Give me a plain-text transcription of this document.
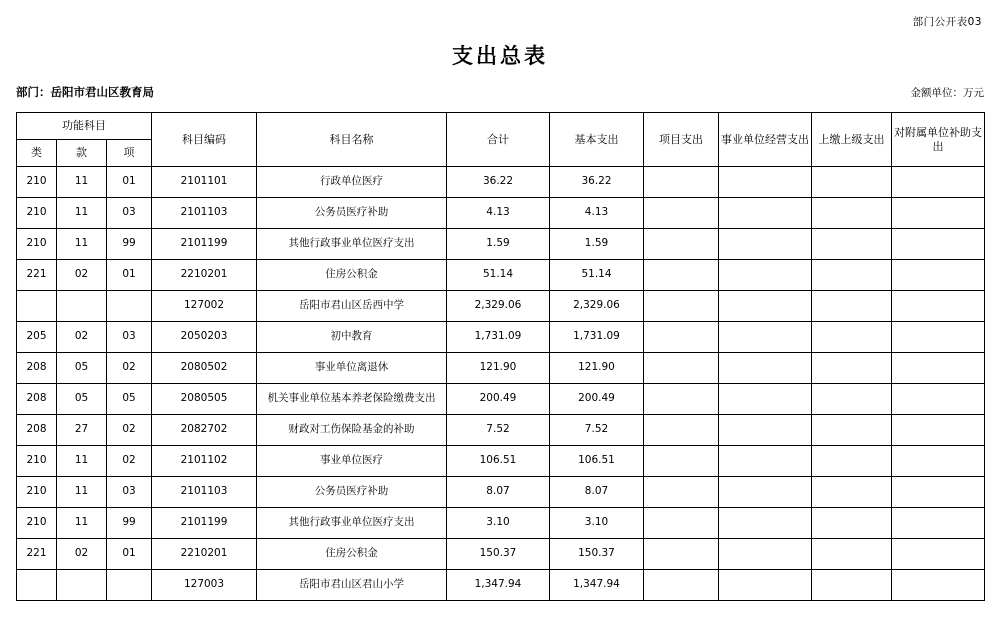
部门公开表03
支出总表
部门：岳阳市君山区教育局	金额单位：万元
功能科目			科目编码	科目名称	合计	基本支出	项目支出	事业单位经营支出	上缴上级支出	对附属单位补助支出
类	款	项								
210	11	01	2101101	行政单位医疗	36.22	36.22				
210	11	03	2101103	公务员医疗补助	4.13	4.13				
210	11	99	2101199	其他行政事业单位医疗支出	1.59	1.59				
221	02	01	2210201	住房公积金	51.14	51.14				
			127002	岳阳市君山区岳西中学	2,329.06	2,329.06				
205	02	03	2050203	初中教育	1,731.09	1,731.09				
208	05	02	2080502	事业单位离退休	121.90	121.90				
208	05	05	2080505	机关事业单位基本养老保险缴费支出	200.49	200.49				
208	27	02	2082702	财政对工伤保险基金的补助	7.52	7.52				
210	11	02	2101102	事业单位医疗	106.51	106.51				
210	11	03	2101103	公务员医疗补助	8.07	8.07				
210	11	99	2101199	其他行政事业单位医疗支出	3.10	3.10				
221	02	01	2210201	住房公积金	150.37	150.37				
			127003	岳阳市君山区君山小学	1,347.94	1,347.94				
